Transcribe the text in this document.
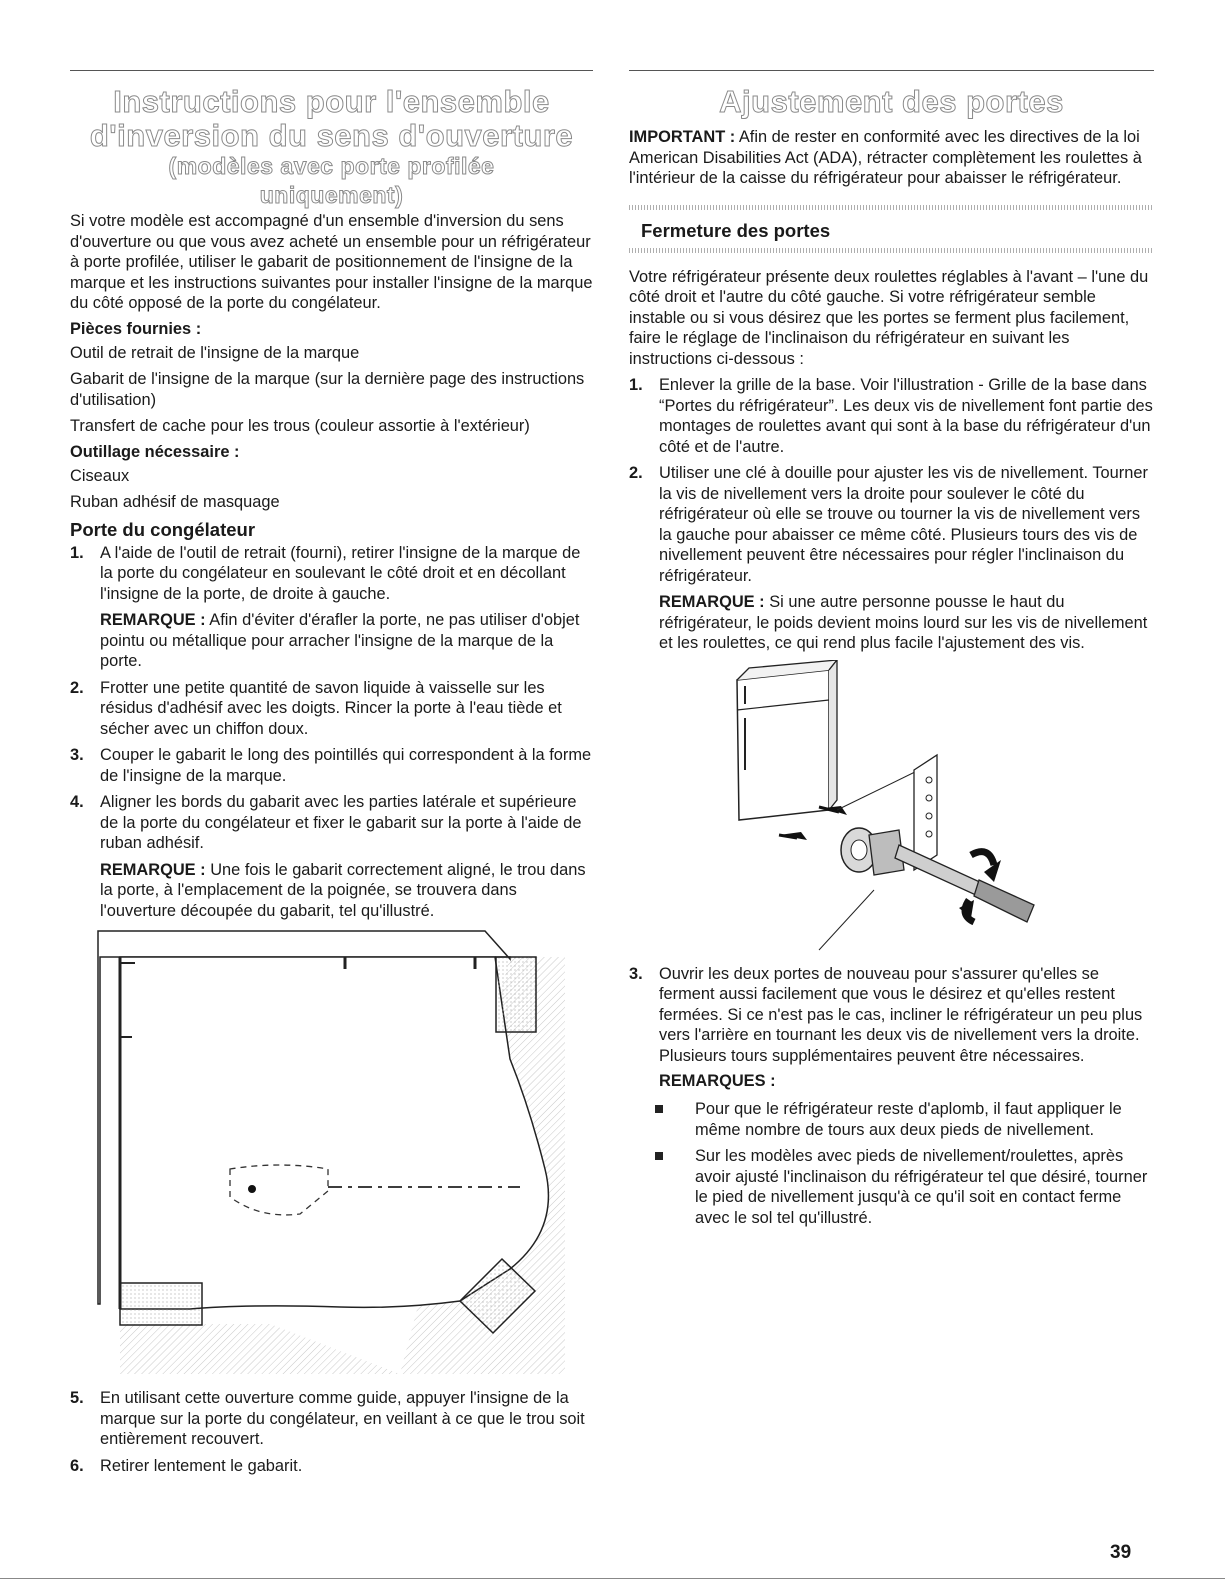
Instructions pour l'ensemble
d'inversion du sens d'ouverture
(modèles avec porte profilée
uniquement)

Si votre modèle est accompagné d'un ensemble d'inversion du sens d'ouverture ou que vous avez acheté un ensemble pour un réfrigérateur à porte profilée, utiliser le gabarit de positionnement de l'insigne de la marque et les instructions suivantes pour installer l'insigne de la marque du côté opposé de la porte du congélateur.

Pièces fournies :

Outil de retrait de l'insigne de la marque

Gabarit de l'insigne de la marque (sur la dernière page des instructions d'utilisation)

Transfert de cache pour les trous (couleur assortie à l'extérieur)

Outillage nécessaire :

Ciseaux

Ruban adhésif de masquage

Porte du congélateur
1. A l'aide de l'outil de retrait (fourni), retirer l'insigne de la marque de la porte du congélateur en soulevant le côté droit et en décollant l'insigne de la porte, de droite à gauche.
REMARQUE : Afin d'éviter d'érafler la porte, ne pas utiliser d'objet pointu ou métallique pour arracher l'insigne de la marque de la porte.
2. Frotter une petite quantité de savon liquide à vaisselle sur les résidus d'adhésif avec les doigts. Rincer la porte à l'eau tiède et sécher avec un chiffon doux.
3. Couper le gabarit le long des pointillés qui correspondent à la forme de l'insigne de la marque.
4. Aligner les bords du gabarit avec les parties latérale et supérieure de la porte du congélateur et fixer le gabarit sur la porte à l'aide de ruban adhésif.
REMARQUE : Une fois le gabarit correctement aligné, le trou dans la porte, à l'emplacement de la poignée, se trouvera dans l'ouverture découpée du gabarit, tel qu'illustré.
5. En utilisant cette ouverture comme guide, appuyer l'insigne de la marque sur la porte du congélateur, en veillant à ce que le trou soit entièrement recouvert.
6. Retirer lentement le gabarit.
Ajustement des portes

IMPORTANT : Afin de rester en conformité avec les directives de la loi American Disabilities Act (ADA), rétracter complètement les roulettes à l'intérieur de la caisse du réfrigérateur pour abaisser le réfrigérateur.

Fermeture des portes

Votre réfrigérateur présente deux roulettes réglables à l'avant – l'une du côté droit et l'autre du côté gauche. Si votre réfrigérateur semble instable ou si vous désirez que les portes se ferment plus facilement, faire le réglage de l'inclinaison du réfrigérateur en suivant les instructions ci-dessous :

1. Enlever la grille de la base. Voir l'illustration - Grille de la base dans “Portes du réfrigérateur”. Les deux vis de nivellement font partie des montages de roulettes avant qui sont à la base du réfrigérateur d'un côté et de l'autre.
2. Utiliser une clé à douille pour ajuster les vis de nivellement. Tourner la vis de nivellement vers la droite pour soulever le côté du réfrigérateur où elle se trouve ou tourner la vis de nivellement vers la gauche pour abaisser ce même côté. Plusieurs tours des vis de nivellement peuvent être nécessaires pour régler l'inclinaison du réfrigérateur.
REMARQUE : Si une autre personne pousse le haut du réfrigérateur, le poids devient moins lourd sur les vis de nivellement et les roulettes, ce qui rend plus facile l'ajustement des vis.
3. Ouvrir les deux portes de nouveau pour s'assurer qu'elles se ferment aussi facilement que vous le désirez et qu'elles restent fermées. Si ce n'est pas le cas, incliner le réfrigérateur un peu plus vers l'arrière en tournant les deux vis de nivellement vers la droite. Plusieurs tours supplémentaires peuvent être nécessaires.
REMARQUES :
Pour que le réfrigérateur reste d'aplomb, il faut appliquer le même nombre de tours aux deux pieds de nivellement.
Sur les modèles avec pieds de nivellement/roulettes, après avoir ajusté l'inclinaison du réfrigérateur tel que désiré, tourner le pied de nivellement jusqu'à ce qu'il soit en contact ferme avec le sol tel qu'illustré.
39
